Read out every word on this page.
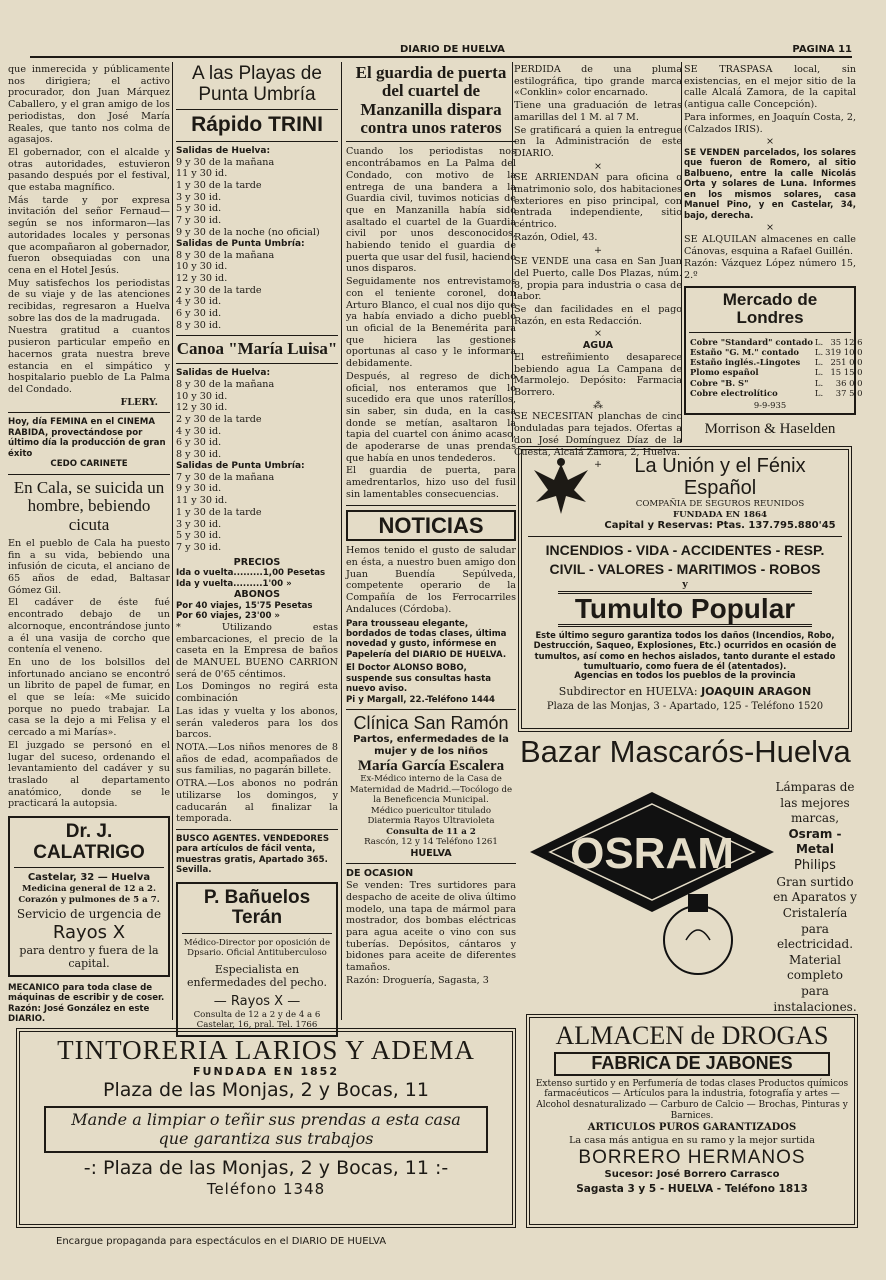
DIARIO DE HUELVA	PAGINA 11

que inmerecida y públicamente nos dirigiera; el activo procurador, don Juan Márquez Caballero, y el gran amigo de los periodistas, don José María Reales, que tanto nos colma de agasajos.

El gobernador, con el alcalde y otras autoridades, estuvieron pasando después por el festival, que estaba magnífico.

Más tarde y por expresa invitación del señor Fernaud—según se nos informaron—las autoridades locales y personas que acompañaron al gobernador, fueron obsequiadas con una cena en el Hotel Jesús.

Muy satisfechos los periodistas de su viaje y de las atenciones recibidas, regresaron a Huelva sobre las dos de la madrugada.

Nuestra gratitud a cuantos pusieron particular empeño en hacernos grata nuestra breve estancia en el simpático y hospitalario pueblo de La Palma del Condado.

FLERY.

Hoy, día FEMINA en el CINEMA RABIDA, provectándose por último día la producción de gran éxito

CEDO CARINETE

En Cala, se suicida un hombre, bebiendo cicuta

En el pueblo de Cala ha puesto fin a su vida, bebiendo una infusión de cicuta, el anciano de 65 años de edad, Baltasar Gómez Gil.

El cadáver de éste fué encontrado debajo de un alcornoque, encontrándose junto a él una vasija de corcho que contenía el veneno.

En uno de los bolsillos del infortunado anciano se encontró un librito de papel de fumar, en el que se leía: «Me suicido porque no puedo trabajar. La casa se la dejo a mi Felisa y el cercado a mi Marías».

El juzgado se personó en el lugar del suceso, ordenando el levantamiento del cadáver y su traslado al departamento anatómico, donde se le practicará la autopsia.

Dr. J. CALATRIGO
Castelar, 32 — Huelva
Medicina general de 12 a 2.
Corazón y pulmones de 5 a 7.
Servicio de urgencia de
Rayos X
para dentro y fuera de la capital.

MECANICO para toda clase de máquinas de escribir y de coser.

Razón: José González en este DIARIO.

A las Playas de Punta Umbría
Rápido TRINI
Salidas de Huelva:
9 y 30 de la mañana
11 y 30 id.
1 y 30 de la tarde
3 y 30 id.
5 y 30 id.
7 y 30 id.
9 y 30 de la noche (no oficial)
Salidas de Punta Umbría:
8 y 30 de la mañana
10 y 30 id.
12 y 30 id.
2 y 30 de la tarde
4 y 30 id.
6 y 30 id.
8 y 30 id.
Canoa "María Luisa"
Salidas de Huelva:
8 y 30 de la mañana
10 y 30 id.
12 y 30 id.
2 y 30 de la tarde
4 y 30 id.
6 y 30 id.
8 y 30 id.
Salidas de Punta Umbría:
7 y 30 de la mañana
9 y 30 id.
11 y 30 id.
1 y 30 de la tarde
3 y 30 id.
5 y 30 id.
7 y 30 id.
PRECIOS
Ida o vuelta.........1,00 Pesetas
Ida y vuelta.........1'00 »
ABONOS
Por 40 viajes, 15'75 Pesetas
Por 60 viajes, 23'00 »

* Utilizando estas embarcaciones, el precio de la caseta en la Empresa de baños de MANUEL BUENO CARRION será de 0'65 céntimos.

Los Domingos no regirá esta combinación

Las idas y vuelta y los abonos, serán valederos para los dos barcos.

NOTA.—Los niños menores de 8 años de edad, acompañados de sus familias, no pagarán billete.

OTRA.—Los abonos no podrán utilizarse los domingos, y caducarán al finalizar la temporada.

BUSCO AGENTES. VENDEDORES para artículos de fácil venta, muestras gratis, Apartado 365. Sevilla.

P. Bañuelos Terán
Médico-Director por oposición de Dpsario. Oficial Antituberculoso
Especialista en enfermedades del pecho.
— Rayos X —
Consulta de 12 a 2 y de 4 a 6
Castelar, 16, pral. Tel. 1766
El guardia de puerta del cuartel de Manzanilla dispara contra unos rateros

Cuando los periodistas nos encontrábamos en La Palma del Condado, con motivo de la entrega de una bandera a la Guardia civil, tuvimos noticias de que en Manzanilla había sido asaltado el cuartel de la Guardia civil por unos desconocidos, habiendo tenido el guardia de puerta que usar del fusil, haciendo unos disparos.

Seguidamente nos entrevistamos con el teniente coronel, don Arturo Blanco, el cual nos dijo que ya había enviado a dicho pueblo un oficial de la Benemérita para que hiciera las gestiones oportunas al caso y le informara debidamente.

Después, al regreso de dicho oficial, nos enteramos que lo sucedido era que unos rateríllos, sin saber, sin duda, en la casa donde se metían, asaltaron la tapia del cuartel con ánimo acaso, de apoderarse de unas prendas que había en unos tendederos.

El guardia de puerta, para amedrentarlos, hizo uso del fusil sin lamentables consecuencias.

NOTICIAS

Hemos tenido el gusto de saludar en ésta, a nuestro buen amigo don Juan Buendía Sepúlveda, competente operario de la Compañía de los Ferrocarriles Andaluces (Córdoba).

Para trousseau elegante, bordados de todas clases, última novedad y gusto, infórmese en Papelería del DIARIO DE HUELVA.

El Doctor ALONSO BOBO, suspende sus consultas hasta nuevo aviso.

Pi y Margall, 22.-Teléfono 1444

Clínica San Ramón
Partos, enfermedades de la mujer y de los niños
María García Escalera
Ex-Médico interno de la Casa de Maternidad de Madrid.—Tocólogo de la Beneficencia Municipal.
Médico puericultor titulado
Diatermia Rayos Ultravioleta
Consulta de 11 a 2
Rascón, 12 y 14 Teléfono 1261
HUELVA
DE OCASION

Se venden: Tres surtidores para despacho de aceite de oliva último modelo, una tapa de mármol para mostrador, dos bombas eléctricas para agua aceite o vino con sus tuberías. Depósitos, cántaros y bidones para aceite de diferentes tamaños.

Razón: Droguería, Sagasta, 3

PERDIDA de una pluma estilográfica, tipo grande marca «Conklin» color encarnado.

Tiene una graduación de letras amarillas del 1 M. al 7 M.

Se gratificará a quien la entregue en la Administración de este DIARIO.

×

SE ARRIENDAN para oficina o matrimonio solo, dos habitaciones exteriores en piso principal, con entrada independiente, sitio céntrico.

Razón, Odiel, 43.

+

SE VENDE una casa en San Juan del Puerto, calle Dos Plazas, núm. 8, propia para industria o casa de labor.

Se dan facilidades en el pago Razón, en esta Redacción.

×
AGUA

El estreñimiento desaparece bebiendo agua La Campana de Marmolejo. Depósito: Farmacia Borrero.

⁂

SE NECESITAN planchas de cinc onduladas para tejados. Ofertas a don José Domínguez Díaz de la Cuesta, Alcalá Zamora, 2, Huelva.

+

SE TRASPASA local, sin existencias, en el mejor sitio de la calle Alcalá Zamora, de la capital (antigua calle Concepción).

Para informes, en Joaquín Costa, 2, (Calzados IRIS).

×

SE VENDEN parcelados, los solares que fueron de Romero, al sitio Balbueno, entre la calle Nicolás Orta y solares de Luna. Informes en los mismos solares, casa Manuel Pino, y en Castelar, 34, bajo, derecha.

×

SE ALQUILAN almacenes en calle Cánovas, esquina a Rafael Guillén.

Razón: Vázquez López número 15, 2.º

Mercado de Londres
Cobre "Standard" contado	L.	35 12 6
Estaño "G. M." contado	L.	319 10 0
Estaño inglés.-Lingotes	L.	251 0 0
Plomo español	L.	15 15 0
Cobre "B. S"	L.	36 0 0
Cobre electrolítico	L.	37 5 0
9-9-935
Morrison & Haselden
La Unión y el Fénix Español
COMPAÑIA DE SEGUROS REUNIDOS
FUNDADA EN 1864
Capital y Reservas: Ptas. 137.795.880'45
INCENDIOS - VIDA - ACCIDENTES - RESP. CIVIL - VALORES - MARITIMOS - ROBOS
y
Tumulto Popular
Este último seguro garantiza todos los daños (Incendios, Robo, Destrucción, Saqueo, Explosiones, Etc.) ocurridos en ocasión de tumultos, así como en hechos aislados, tanto durante el estado tumultuario, como fuera de él (atentados).
Agencias en todos los pueblos de la provincia
Subdirector en HUELVA: JOAQUIN ARAGON
Plaza de las Monjas, 3 - Apartado, 125 - Teléfono 1520
Bazar Mascarós-Huelva
Lámparas de las mejores marcas,
Osram - Metal
Philips
Gran surtido en Aparatos y Cristalería para electricidad.
Material completo para instalaciones.
OSRAM
ALMACEN de DROGAS
FABRICA DE JABONES
Extenso surtido y en Perfumería de todas clases Productos químicos farmacéuticos — Artículos para la industria, fotografía y artes — Alcohol desnaturalizado — Carburo de Calcio — Brochas, Pinturas y Barnices.
ARTICULOS PUROS GARANTIZADOS
La casa más antigua en su ramo y la mejor surtida
BORRERO HERMANOS
Sucesor: José Borrero Carrasco
Sagasta 3 y 5 - HUELVA - Teléfono 1813
TINTORERIA LARIOS Y ADEMA
FUNDADA EN 1852
Plaza de las Monjas, 2 y Bocas, 11
Mande a limpiar o teñir sus prendas a esta casa
que garantiza sus trabajos
-: Plaza de las Monjas, 2 y Bocas, 11 :-
Teléfono 1348
Encargue propaganda para espectáculos en el DIARIO DE HUELVA
